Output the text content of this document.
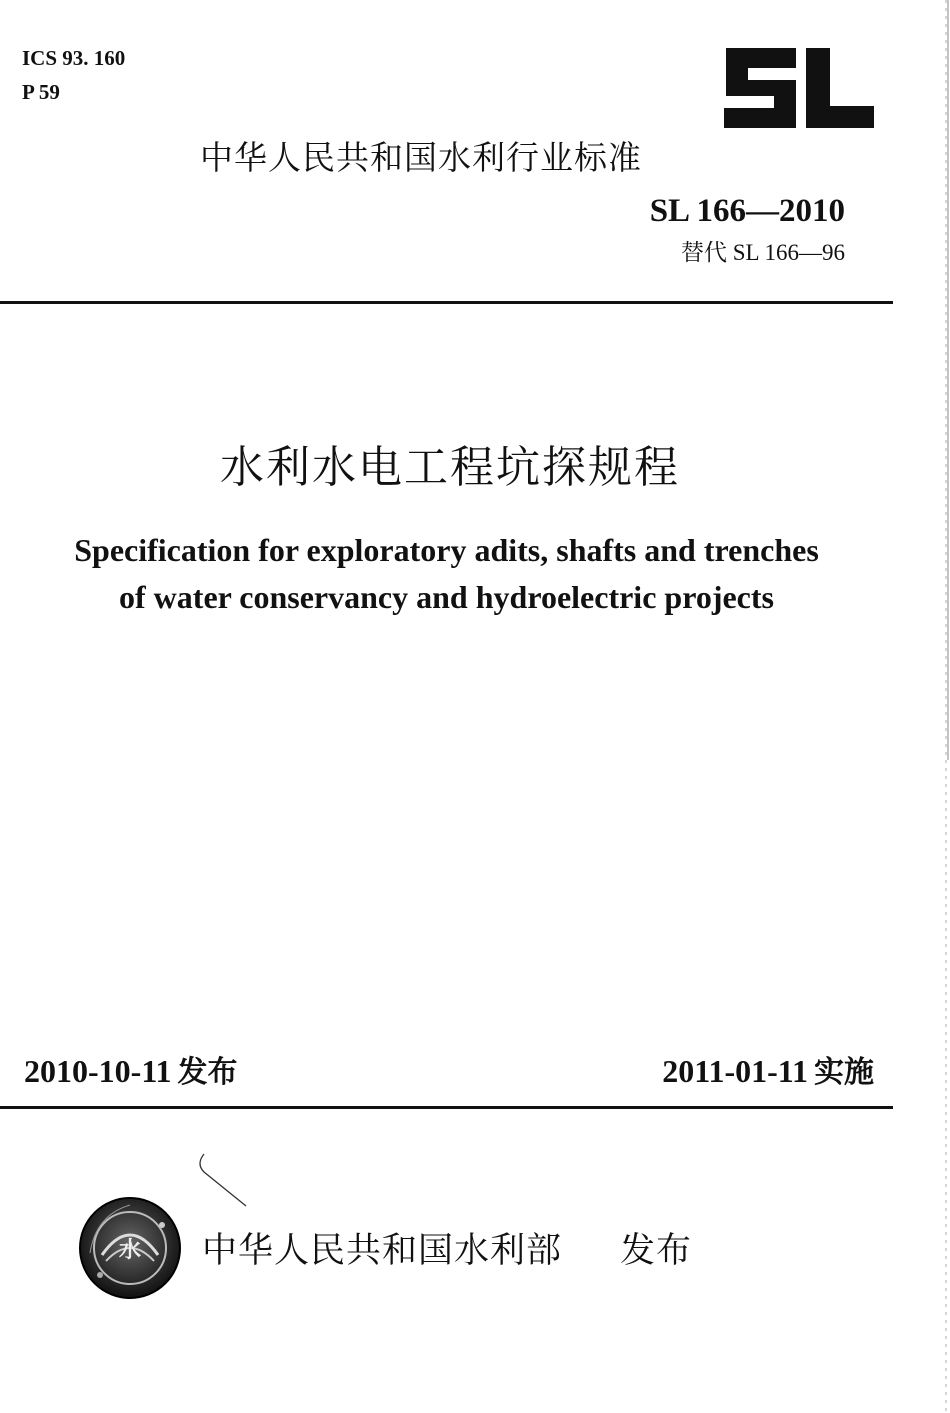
ICS 93. 160
P 59
中华人民共和国水利行业标准
SL 166—2010
替代 SL 166—96
水利水电工程坑探规程
Specification for exploratory adits, shafts and trenches
of water conservancy and hydroelectric projects
2010-10-11 发布	2011-01-11 实施
水 中华人民共和国水利部 发布
